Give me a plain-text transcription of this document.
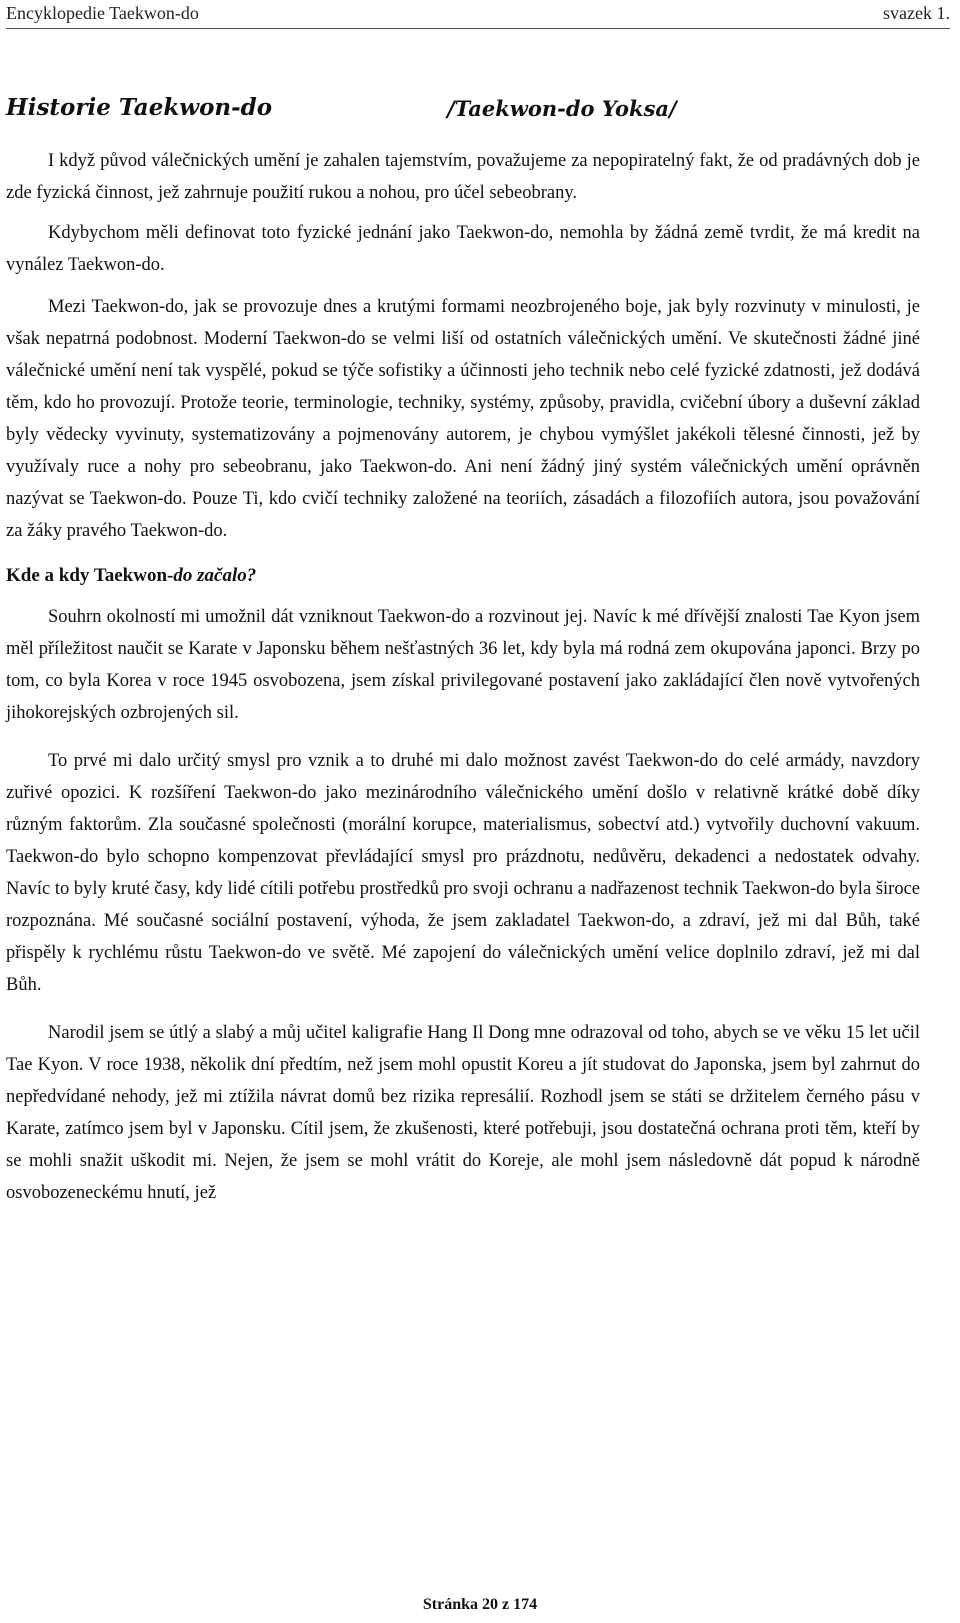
Encyklopedie Taekwon-do	svazek 1.
Historie Taekwon-do	/Taekwon-do Yoksa/

I když původ válečnických umění je zahalen tajemstvím, považujeme za nepopiratelný fakt, že od pradávných dob je zde fyzická činnost, jež zahrnuje použití rukou a nohou, pro účel sebeobrany.

Kdybychom měli definovat toto fyzické jednání jako Taekwon-do, nemohla by žádná země tvrdit, že má kredit na vynález Taekwon-do.

Mezi Taekwon-do, jak se provozuje dnes a krutými formami neozbrojeného boje, jak byly rozvinuty v minulosti, je však nepatrná podobnost. Moderní Taekwon-do se velmi liší od ostatních válečnických umění. Ve skutečnosti žádné jiné válečnické umění není tak vyspělé, pokud se týče sofistiky a účinnosti jeho technik nebo celé fyzické zdatnosti, jež dodává těm, kdo ho provozují. Protože teorie, terminologie, techniky, systémy, způsoby, pravidla, cvičební úbory a duševní základ byly vědecky vyvinuty, systematizovány a pojmenovány autorem, je chybou vymýšlet jakékoli tělesné činnosti, jež by využívaly ruce a nohy pro sebeobranu, jako Taekwon-do. Ani není žádný jiný systém válečnických umění oprávněn nazývat se Taekwon-do. Pouze Ti, kdo cvičí techniky založené na teoriích, zásadách a filozofiích autora, jsou považování za žáky pravého Taekwon-do.

Kde a kdy Taekwon-do začalo?

Souhrn okolností mi umožnil dát vzniknout Taekwon-do a rozvinout jej. Navíc k mé dřívější znalosti Tae Kyon jsem měl příležitost naučit se Karate v Japonsku během nešťastných 36 let, kdy byla má rodná zem okupována japonci. Brzy po tom, co byla Korea v roce 1945 osvobozena, jsem získal privilegované postavení jako zakládající člen nově vytvořených jihokorejských ozbrojených sil.

To prvé mi dalo určitý smysl pro vznik a to druhé mi dalo možnost zavést Taekwon-do do celé armády, navzdory zuřivé opozici. K rozšíření Taekwon-do jako mezinárodního válečnického umění došlo v relativně krátké době díky různým faktorům. Zla současné společnosti (morální korupce, materialismus, sobectví atd.) vytvořily duchovní vakuum. Taekwon-do bylo schopno kompenzovat převládající smysl pro prázdnotu, nedůvěru, dekadenci a nedostatek odvahy. Navíc to byly kruté časy, kdy lidé cítili potřebu prostředků pro svoji ochranu a nadřazenost technik Taekwon-do byla široce rozpoznána. Mé současné sociální postavení, výhoda, že jsem zakladatel Taekwon-do, a zdraví, jež mi dal Bůh, také přispěly k rychlému růstu Taekwon-do ve světě. Mé zapojení do válečnických umění velice doplnilo zdraví, jež mi dal Bůh.

Narodil jsem se útlý a slabý a můj učitel kaligrafie Hang Il Dong mne odrazoval od toho, abych se ve věku 15 let učil Tae Kyon. V roce 1938, několik dní předtím, než jsem mohl opustit Koreu a jít studovat do Japonska, jsem byl zahrnut do nepředvídané nehody, jež mi ztížila návrat domů bez rizika represálií. Rozhodl jsem se státi se držitelem černého pásu v Karate, zatímco jsem byl v Japonsku. Cítil jsem, že zkušenosti, které potřebuji, jsou dostatečná ochrana proti těm, kteří by se mohli snažit uškodit mi. Nejen, že jsem se mohl vrátit do Koreje, ale mohl jsem následovně dát popud k národně osvobozeneckému hnutí, jež

Stránka 20 z 174
